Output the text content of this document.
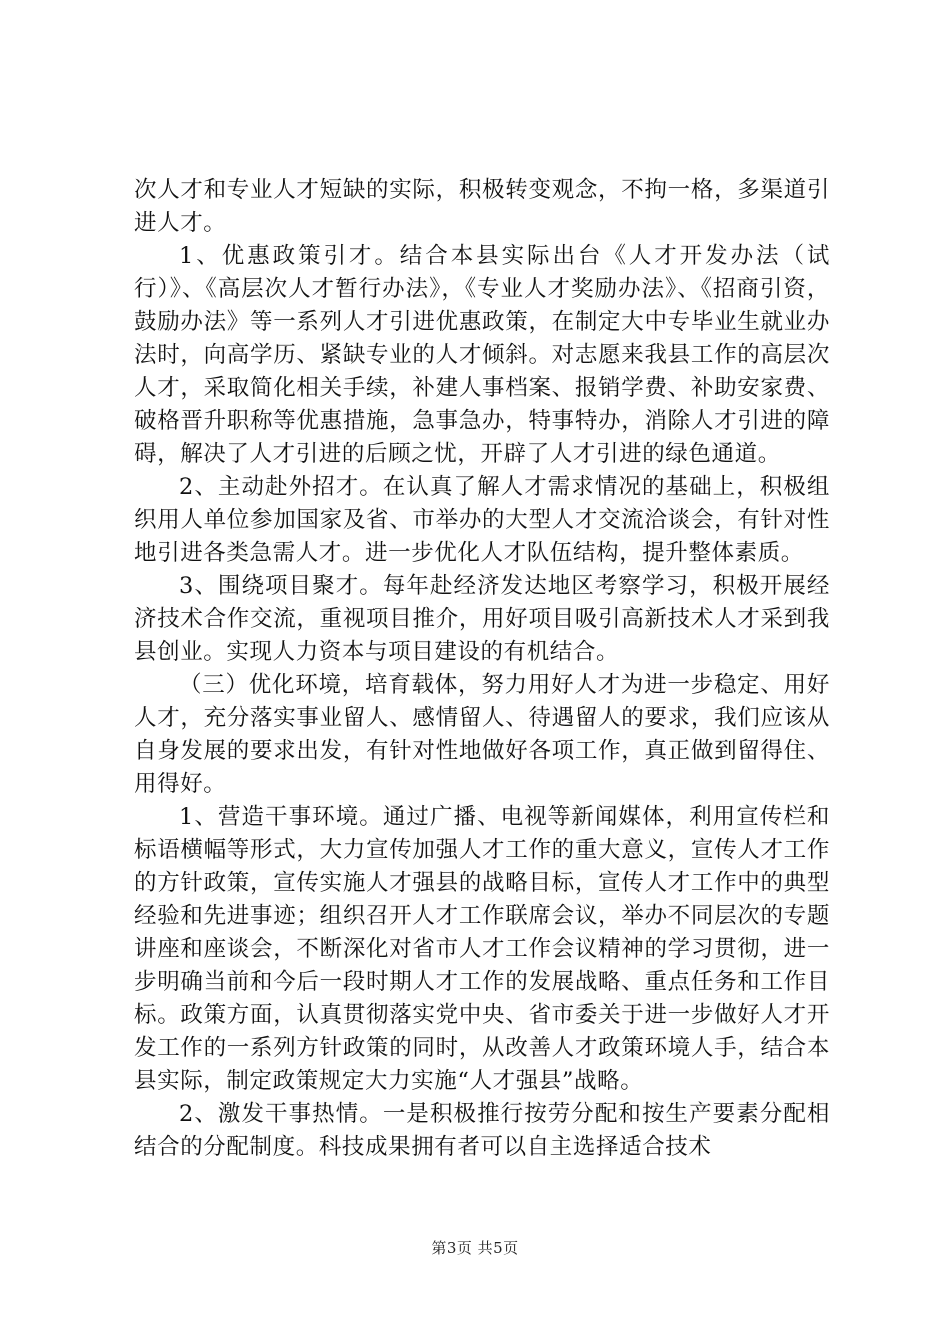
次人才和专业人才短缺的实际，积极转变观念，不拘一格，多渠道引进人才。

1、优惠政策引才。结合本县实际出台《人才开发办法（试行）》、《高层次人才暂行办法》，《专业人才奖励办法》、《招商引资，鼓励办法》等一系列人才引进优惠政策，在制定大中专毕业生就业办法时，向高学历、紧缺专业的人才倾斜。对志愿来我县工作的高层次人才，采取简化相关手续，补建人事档案、报销学费、补助安家费、破格晋升职称等优惠措施，急事急办，特事特办，消除人才引进的障碍，解决了人才引进的后顾之忧，开辟了人才引进的绿色通道。

2、主动赴外招才。在认真了解人才需求情况的基础上，积极组织用人单位参加国家及省、市举办的大型人才交流洽谈会，有针对性地引进各类急需人才。进一步优化人才队伍结构，提升整体素质。

3、围绕项目聚才。每年赴经济发达地区考察学习，积极开展经济技术合作交流，重视项目推介，用好项目吸引高新技术人才采到我县创业。实现人力资本与项目建设的有机结合。

（三）优化环境，培育载体，努力用好人才为进一步稳定、用好人才，充分落实事业留人、感情留人、待遇留人的要求，我们应该从自身发展的要求出发，有针对性地做好各项工作，真正做到留得住、用得好。

1、营造干事环境。通过广播、电视等新闻媒体，利用宣传栏和标语横幅等形式，大力宣传加强人才工作的重大意义，宣传人才工作的方针政策，宣传实施人才强县的战略目标，宣传人才工作中的典型经验和先进事迹；组织召开人才工作联席会议，举办不同层次的专题讲座和座谈会，不断深化对省市人才工作会议精神的学习贯彻，进一步明确当前和今后一段时期人才工作的发展战略、重点任务和工作目标。政策方面，认真贯彻落实党中央、省市委关于进一步做好人才开发工作的一系列方针政策的同时，从改善人才政策环境人手，结合本县实际，制定政策规定大力实施“人才强县”战略。

2、激发干事热情。一是积极推行按劳分配和按生产要素分配相结合的分配制度。科技成果拥有者可以自主选择适合技术

第3页 共5页
